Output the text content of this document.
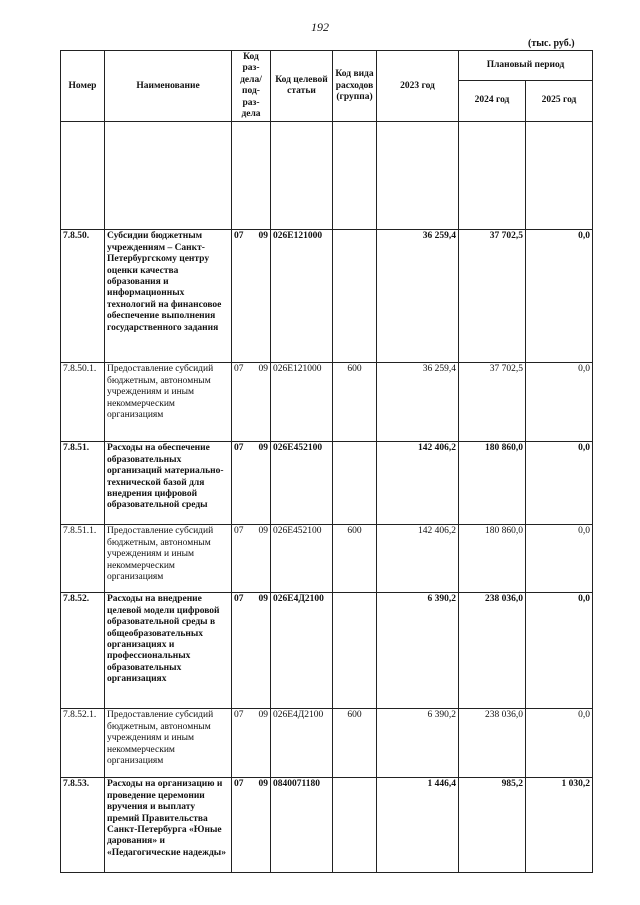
192
(тыс. руб.)
Номер	Наименование	Код раз-дела/ под-раз-дела	Код целевой статьи	Код вида расходов (группа)	2023 год	Плановый период	
						2024 год	2025 год

7.8.50.	Субсидии бюджетным учреждениям – Санкт-Петербургскому центру оценки качества образования и информационных технологий на финансовое обеспечение выполнения государственного задания	07 09	026E121000		36 259,4	37 702,5	0,0
7.8.50.1.	Предоставление субсидий бюджетным, автономным учреждениям и иным некоммерческим организациям	07 09	026E121000	600	36 259,4	37 702,5	0,0
7.8.51.	Расходы на обеспечение образовательных организаций материально-технической базой для внедрения цифровой образовательной среды	07 09	026E452100		142 406,2	180 860,0	0,0
7.8.51.1.	Предоставление субсидий бюджетным, автономным учреждениям и иным некоммерческим организациям	07 09	026E452100	600	142 406,2	180 860,0	0,0
7.8.52.	Расходы на внедрение целевой модели цифровой образовательной среды в общеобразовательных организациях и профессиональных образовательных организациях	07 09	026E4Д2100		6 390,2	238 036,0	0,0
7.8.52.1.	Предоставление субсидий бюджетным, автономным учреждениям и иным некоммерческим организациям	07 09	026E4Д2100	600	6 390,2	238 036,0	0,0
7.8.53.	Расходы на организацию и проведение церемонии вручения и выплату премий Правительства Санкт-Петербурга «Юные дарования» и «Педагогические надежды»	07 09	0840071180		1 446,4	985,2	1 030,2
